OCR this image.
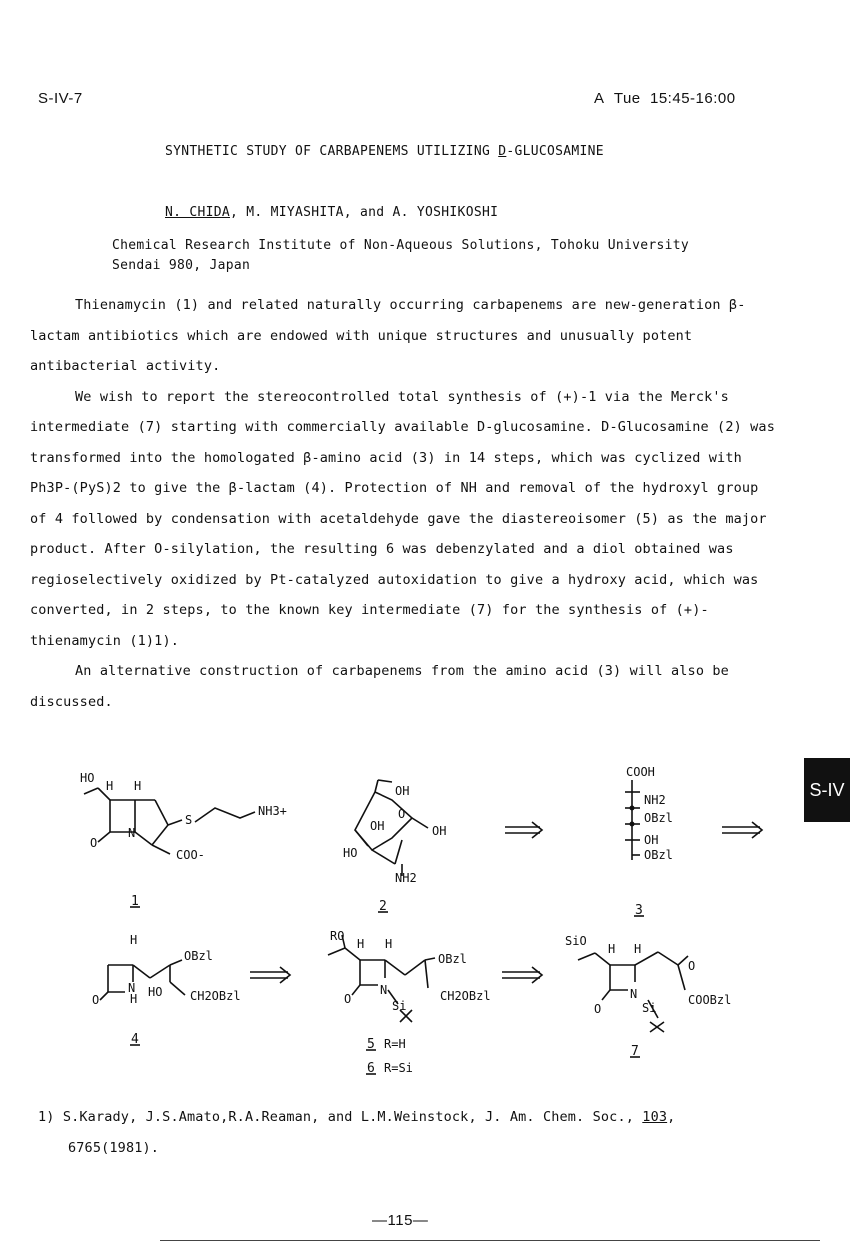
S-IV-7	A Tue 15:45-16:00
SYNTHETIC STUDY OF CARBAPENEMS UTILIZING D-GLUCOSAMINE
N. CHIDA, M. MIYASHITA, and A. YOSHIKOSHI
Chemical Research Institute of Non-Aqueous Solutions, Tohoku University
Sendai 980, Japan
Thienamycin (1) and related naturally occurring carbapenems are new-generation β-lactam antibiotics which are endowed with unique structures and unusually potent antibacterial activity.
We wish to report the stereocontrolled total synthesis of (+)-1 via the Merck's intermediate (7) starting with commercially available D-glucosamine. D-Glucosamine (2) was transformed into the homologated β-amino acid (3) in 14 steps, which was cyclized with Ph3P-(PyS)2 to give the β-lactam (4). Protection of NH and removal of the hydroxyl group of 4 followed by condensation with acetaldehyde gave the diastereoisomer (5) as the major product. After O-silylation, the resulting 6 was debenzylated and a diol obtained was regioselectively oxidized by Pt-catalyzed autoxidation to give a hydroxy acid, which was converted, in 2 steps, to the known key intermediate (7) for the synthesis of (+)-thienamycin (1)1).
An alternative construction of carbapenems from the amino acid (3) will also be discussed.
S-IV
HO
H H
N
O
S
NH3+
COO-
1
OH
O
OH
OH
HO
NH2
2
COOH
NH2
OBzl
OH
OBzl
3
H
O
N
H
OBzl
HO CH2OBzl
4
RO
H H
OBzl
O
N
Si
CH2OBzl
5 R=H
6 R=Si
SiO
H H
O
O
N
Si
COOBzl
7
1) S.Karady, J.S.Amato,R.A.Reaman, and L.M.Weinstock, J. Am. Chem. Soc., 103,
6765(1981).
—115—
